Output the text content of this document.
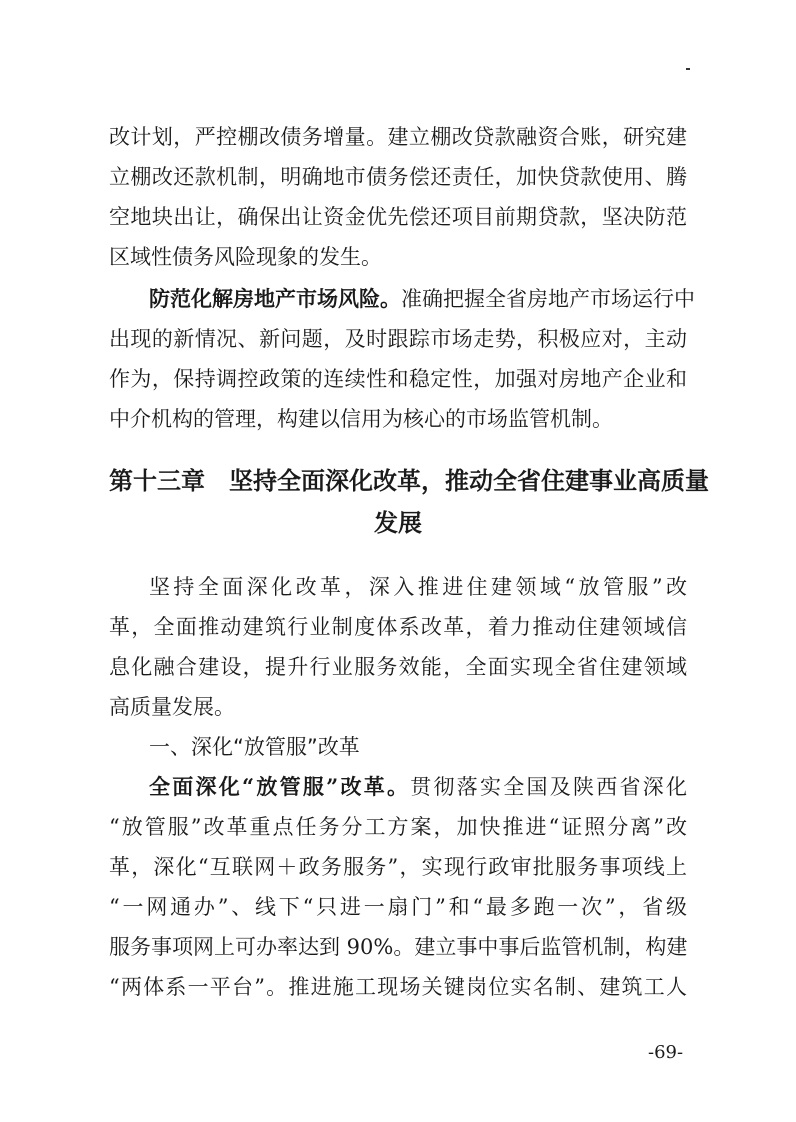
改计划，严控棚改债务增量。建立棚改贷款融资合账，研究建
立棚改还款机制，明确地市债务偿还责任，加快贷款使用、腾
空地块出让，确保出让资金优先偿还项目前期贷款，坚决防范
区域性债务风险现象的发生。
防范化解房地产市场风险。准确把握全省房地产市场运行中
出现的新情况、新问题，及时跟踪市场走势，积极应对，主动
作为，保持调控政策的连续性和稳定性，加强对房地产企业和
中介机构的管理，构建以信用为核心的市场监管机制。
第十三章　坚持全面深化改革，推动全省住建事业高质量
发展
坚持全面深化改革，深入推进住建领域“放管服”改
革，全面推动建筑行业制度体系改革，着力推动住建领域信
息化融合建设，提升行业服务效能，全面实现全省住建领域
高质量发展。
一、深化“放管服”改革
全面深化“放管服”改革。贯彻落实全国及陕西省深化
“放管服”改革重点任务分工方案，加快推进“证照分离”改
革，深化“互联网＋政务服务”，实现行政审批服务事项线上
“一网通办”、线下“只进一扇门”和“最多跑一次”，省级
服务事项网上可办率达到 90%。建立事中事后监管机制，构建
“两体系一平台”。推进施工现场关键岗位实名制、建筑工人
-69-
